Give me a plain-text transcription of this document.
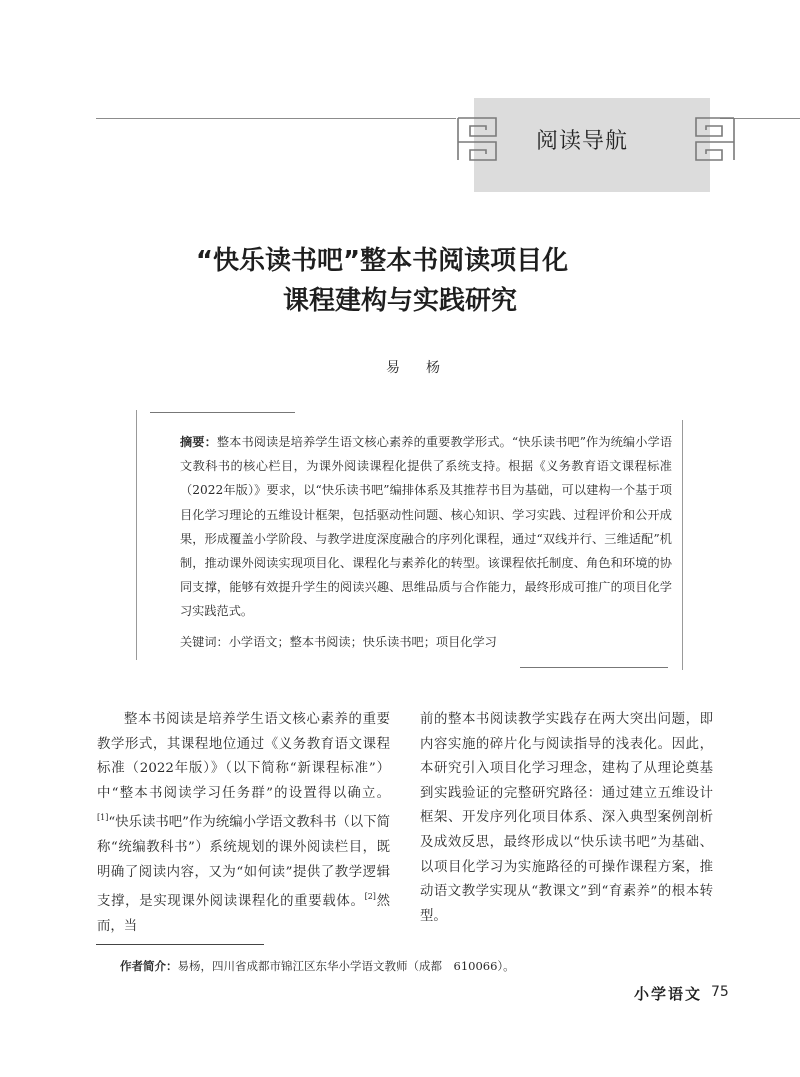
阅读导航
“快乐读书吧”整本书阅读项目化
课程建构与实践研究
易杨
摘要：整本书阅读是培养学生语文核心素养的重要教学形式。“快乐读书吧”作为统编小学语文教科书的核心栏目，为课外阅读课程化提供了系统支持。根据《义务教育语文课程标准（2022年版）》要求，以“快乐读书吧”编排体系及其推荐书目为基础，可以建构一个基于项目化学习理论的五维设计框架，包括驱动性问题、核心知识、学习实践、过程评价和公开成果，形成覆盖小学阶段、与教学进度深度融合的序列化课程，通过“双线并行、三维适配”机制，推动课外阅读实现项目化、课程化与素养化的转型。该课程依托制度、角色和环境的协同支撑，能够有效提升学生的阅读兴趣、思维品质与合作能力，最终形成可推广的项目化学习实践范式。
关键词：小学语文；整本书阅读；快乐读书吧；项目化学习
整本书阅读是培养学生语文核心素养的重要教学形式，其课程地位通过《义务教育语文课程标准（2022年版）》（以下简称“新课程标准”）中“整本书阅读学习任务群”的设置得以确立。[1]“快乐读书吧”作为统编小学语文教科书（以下简称“统编教科书”）系统规划的课外阅读栏目，既明确了阅读内容，又为“如何读”提供了教学逻辑支撑，是实现课外阅读课程化的重要载体。[2]然而，当
前的整本书阅读教学实践存在两大突出问题，即内容实施的碎片化与阅读指导的浅表化。因此，本研究引入项目化学习理念，建构了从理论奠基到实践验证的完整研究路径：通过建立五维设计框架、开发序列化项目体系、深入典型案例剖析及成效反思，最终形成以“快乐读书吧”为基础、以项目化学习为实施路径的可操作课程方案，推动语文教学实现从“教课文”到“育素养”的根本转型。
作者简介：易杨，四川省成都市锦江区东华小学语文教师（成都　610066）。
小学语文 75
